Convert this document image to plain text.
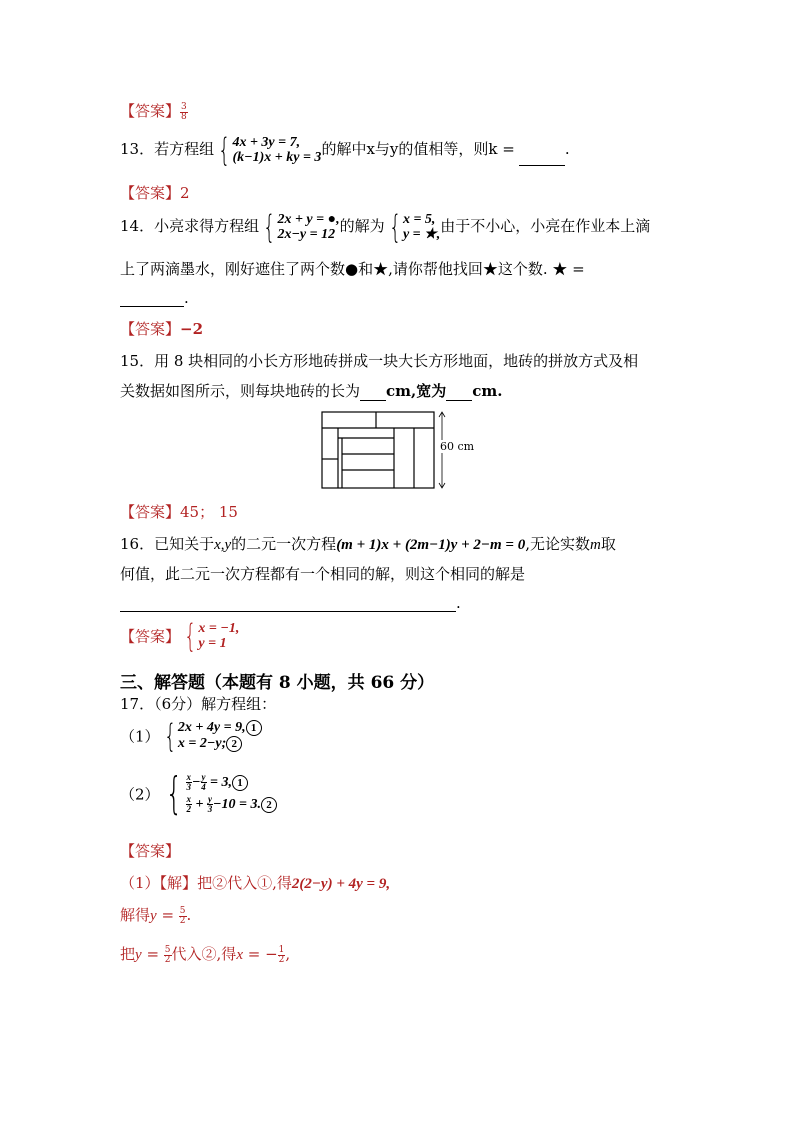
【答案】 $\frac{3}{8}$
13．若方程组 { 4x + 3y = 7,
(k−1)x + ky = 3 的解中x与y的值相等，则k =	.
【答案】2
14．小亮求得方程组 { 2x + y = ●,
2x−y = 12 的解为 { x = 5,
y = ★, 由于不小心，小亮在作业本上滴
上了两滴墨水，刚好遮住了两个数●和★,请你帮他找回★这个数. ★ =
.
【答案】−2
15．用 8 块相同的小长方形地砖拼成一块大长方形地面，地砖的拼放方式及相
关数据如图所示，则每块地砖的长为 cm,宽为 cm.
60 cm
【答案】45； 15
16．已知关于x,y的二元一次方程(m + 1)x + (2m−1)y + 2−m = 0,无论实数m取
何值，此二元一次方程都有一个相同的解，则这个相同的解是
.
【答案】 { x = −1,
y = 1
三、解答题（本题有 8 小题，共 66 分）
17．（6分）解方程组：
（1） { 2x + 4y = 9, 1
x = 2−y; 2
（2） { $\frac{x}{3} - \frac{y}{4} = 3$, 1
$\frac{x}{2} + \frac{y}{3} -10 = 3$. 2
【答案】
（1）【解】把②代入①,得2(2−y) + 4y = 9,
解得$y = \frac{5}{2}$ .
把$y = \frac{5}{2}$ 代入②,得x = − $\frac{1}{2}$ ,
